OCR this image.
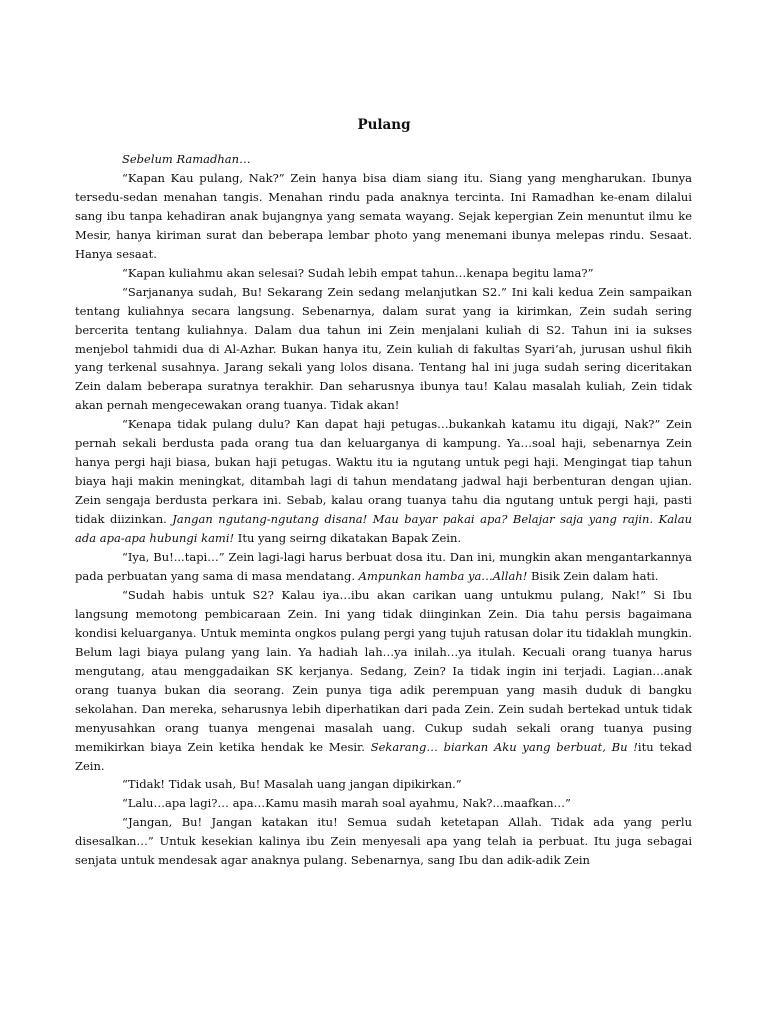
Pulang

Sebelum Ramadhan…

“Kapan Kau pulang, Nak?” Zein hanya bisa diam siang itu. Siang yang mengharukan. Ibunya tersedu-sedan menahan tangis. Menahan rindu pada anaknya tercinta. Ini Ramadhan ke-enam dilalui sang ibu tanpa kehadiran anak bujangnya yang semata wayang. Sejak kepergian Zein menuntut ilmu ke Mesir, hanya kiriman surat dan beberapa lembar photo yang menemani ibunya melepas rindu. Sesaat. Hanya sesaat.

“Kapan kuliahmu akan selesai? Sudah lebih empat tahun…kenapa begitu lama?”

“Sarjananya sudah, Bu! Sekarang Zein sedang melanjutkan S2.” Ini kali kedua Zein sampaikan tentang kuliahnya secara langsung. Sebenarnya, dalam surat yang ia kirimkan, Zein sudah sering bercerita tentang kuliahnya. Dalam dua tahun ini Zein menjalani kuliah di S2. Tahun ini ia sukses menjebol tahmidi dua di Al-Azhar. Bukan hanya itu, Zein kuliah di fakultas Syari’ah, jurusan ushul fikih yang terkenal susahnya. Jarang sekali yang lolos disana. Tentang hal ini juga sudah sering diceritakan Zein dalam beberapa suratnya terakhir. Dan seharusnya ibunya tau! Kalau masalah kuliah, Zein tidak akan pernah mengecewakan orang tuanya. Tidak akan!

“Kenapa tidak pulang dulu? Kan dapat haji petugas…bukankah katamu itu digaji, Nak?” Zein pernah sekali berdusta pada orang tua dan keluarganya di kampung. Ya…soal haji, sebenarnya Zein hanya pergi haji biasa, bukan haji petugas. Waktu itu ia ngutang untuk pegi haji. Mengingat tiap tahun biaya haji makin meningkat, ditambah lagi di tahun mendatang jadwal haji berbenturan dengan ujian. Zein sengaja berdusta perkara ini. Sebab, kalau orang tuanya tahu dia ngutang untuk pergi haji, pasti tidak diizinkan. Jangan ngutang-ngutang disana! Mau bayar pakai apa? Belajar saja yang rajin. Kalau ada apa-apa hubungi kami! Itu yang seirng dikatakan Bapak Zein.

“Iya, Bu!...tapi…” Zein lagi-lagi harus berbuat dosa itu. Dan ini, mungkin akan mengantarkannya pada perbuatan yang sama di masa mendatang. Ampunkan hamba ya…Allah! Bisik Zein dalam hati.

“Sudah habis untuk S2? Kalau iya…ibu akan carikan uang untukmu pulang, Nak!” Si Ibu langsung memotong pembicaraan Zein. Ini yang tidak diinginkan Zein. Dia tahu persis bagaimana kondisi keluarganya. Untuk meminta ongkos pulang pergi yang tujuh ratusan dolar itu tidaklah mungkin. Belum lagi biaya pulang yang lain. Ya hadiah lah…ya inilah…ya itulah. Kecuali orang tuanya harus mengutang, atau menggadaikan SK kerjanya. Sedang, Zein? Ia tidak ingin ini terjadi. Lagian…anak orang tuanya bukan dia seorang. Zein punya tiga adik perempuan yang masih duduk di bangku sekolahan. Dan mereka, seharusnya lebih diperhatikan dari pada Zein. Zein sudah bertekad untuk tidak menyusahkan orang tuanya mengenai masalah uang. Cukup sudah sekali orang tuanya pusing memikirkan biaya Zein ketika hendak ke Mesir. Sekarang… biarkan Aku yang berbuat, Bu !itu tekad Zein.

“Tidak! Tidak usah, Bu! Masalah uang jangan dipikirkan.”

“Lalu…apa lagi?… apa…Kamu masih marah soal ayahmu, Nak?...maafkan…”

“Jangan, Bu! Jangan katakan itu! Semua sudah ketetapan Allah. Tidak ada yang perlu disesalkan…” Untuk kesekian kalinya ibu Zein menyesali apa yang telah ia perbuat. Itu juga sebagai senjata untuk mendesak agar anaknya pulang. Sebenarnya, sang Ibu dan adik-adik Zein
